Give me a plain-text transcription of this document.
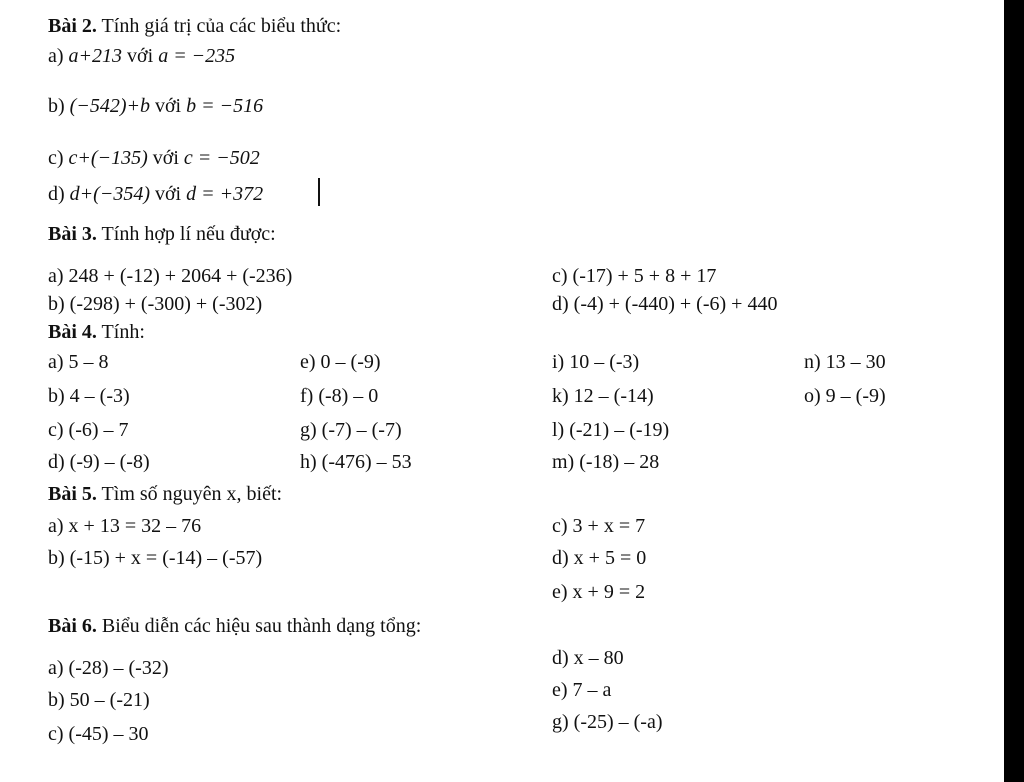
Bài 2. Tính giá trị của các biểu thức:
a) a+213 với a = −235
b) (−542)+b với b = −516
c) c+(−135) với c = −502
d) d+(−354) với d = +372
Bài 3. Tính hợp lí nếu được:
a) 248 + (-12) + 2064 + (-236)
b) (-298) + (-300) + (-302)
c) (-17) + 5 + 8 + 17
d) (-4) + (-440) + (-6) + 440
Bài 4. Tính:
a) 5 – 8
b) 4 – (-3)
c) (-6) – 7
d) (-9) – (-8)
e) 0 – (-9)
f) (-8) – 0
g) (-7) – (-7)
h) (-476) – 53
i) 10 – (-3)
k) 12 – (-14)
l) (-21) – (-19)
m) (-18) – 28
n) 13 – 30
o) 9 – (-9)
Bài 5. Tìm số nguyên x, biết:
a) x + 13 = 32 – 76
b) (-15) + x = (-14) – (-57)
c) 3 + x = 7
d) x + 5 = 0
e) x + 9 = 2
Bài 6. Biểu diễn các hiệu sau thành dạng tổng:
a) (-28) – (-32)
b) 50 – (-21)
c) (-45) – 30
d) x – 80
e) 7 – a
g) (-25) – (-a)
